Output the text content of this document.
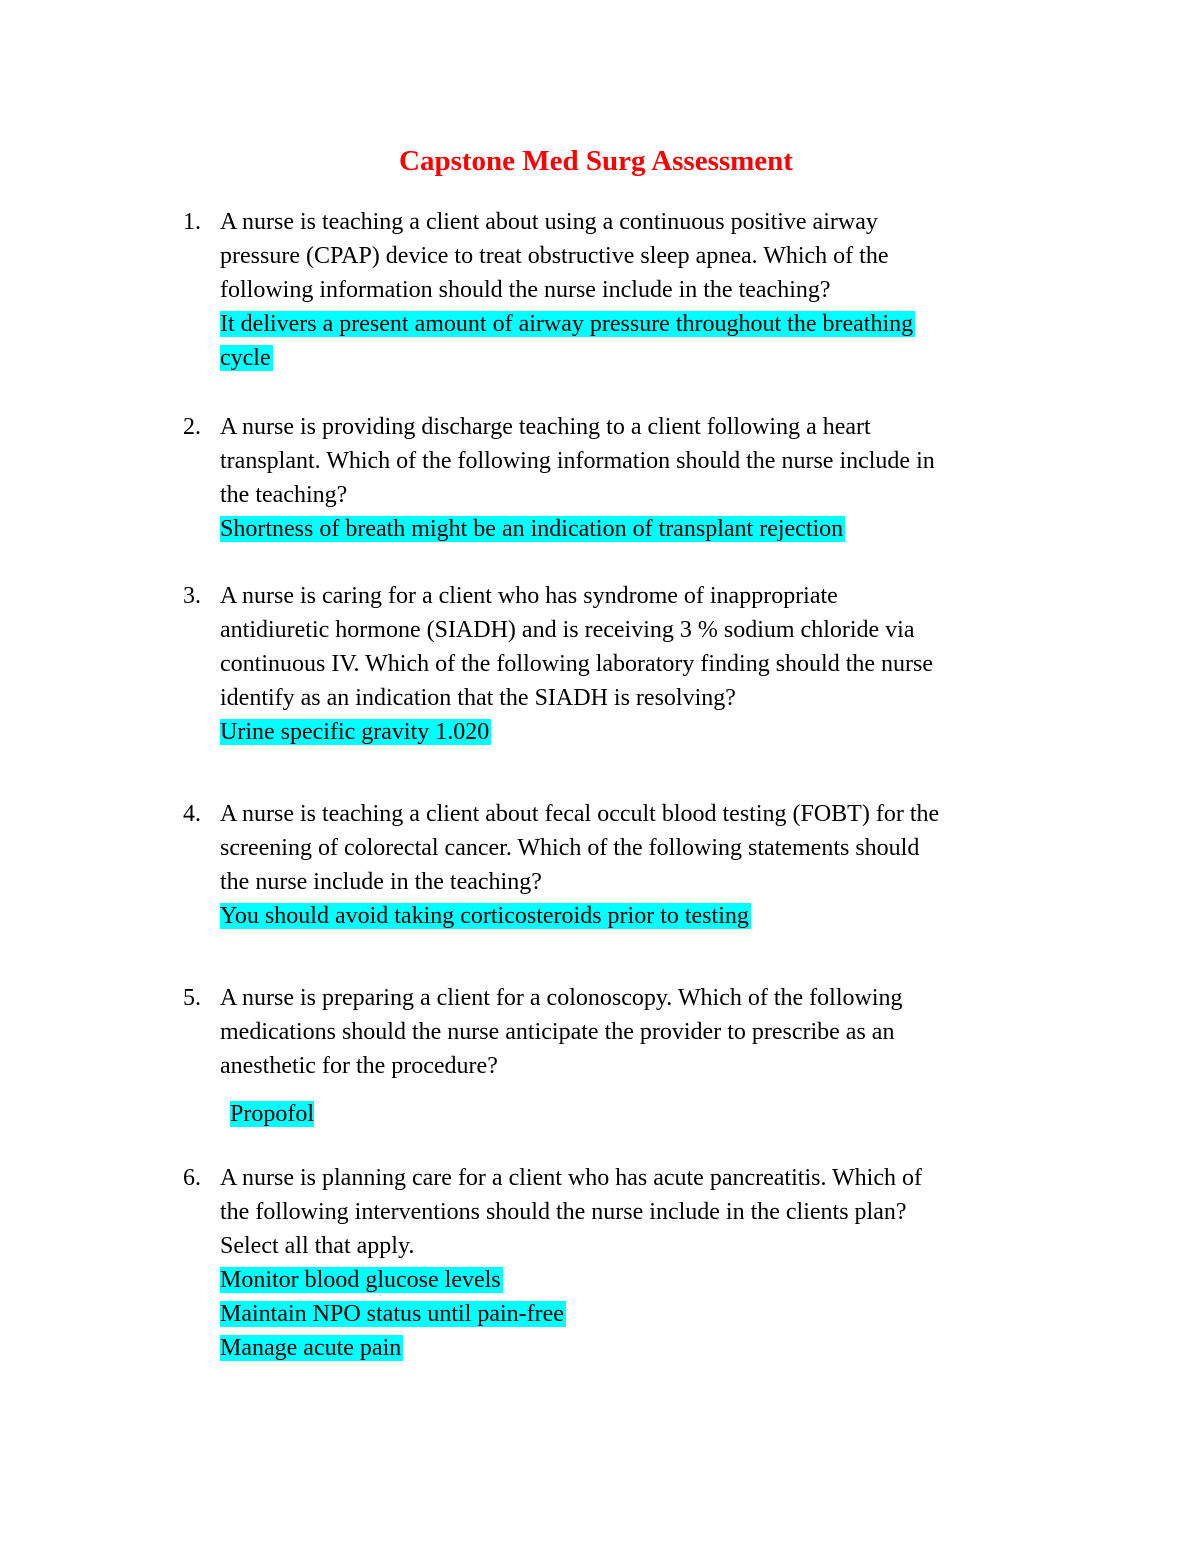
Capstone Med Surg Assessment
1. A nurse is teaching a client about using a continuous positive airway
pressure (CPAP) device to treat obstructive sleep apnea. Which of the
following information should the nurse include in the teaching?
It delivers a present amount of airway pressure throughout the breathing
cycle
2. A nurse is providing discharge teaching to a client following a heart
transplant. Which of the following information should the nurse include in
the teaching?
Shortness of breath might be an indication of transplant rejection
3. A nurse is caring for a client who has syndrome of inappropriate
antidiuretic hormone (SIADH) and is receiving 3 % sodium chloride via
continuous IV. Which of the following laboratory finding should the nurse
identify as an indication that the SIADH is resolving?
Urine specific gravity 1.020
4. A nurse is teaching a client about fecal occult blood testing (FOBT) for the
screening of colorectal cancer. Which of the following statements should
the nurse include in the teaching?
You should avoid taking corticosteroids prior to testing
5. A nurse is preparing a client for a colonoscopy. Which of the following
medications should the nurse anticipate the provider to prescribe as an
anesthetic for the procedure?
Propofol
6. A nurse is planning care for a client who has acute pancreatitis. Which of
the following interventions should the nurse include in the clients plan?
Select all that apply.
Monitor blood glucose levels
Maintain NPO status until pain-free
Manage acute pain
